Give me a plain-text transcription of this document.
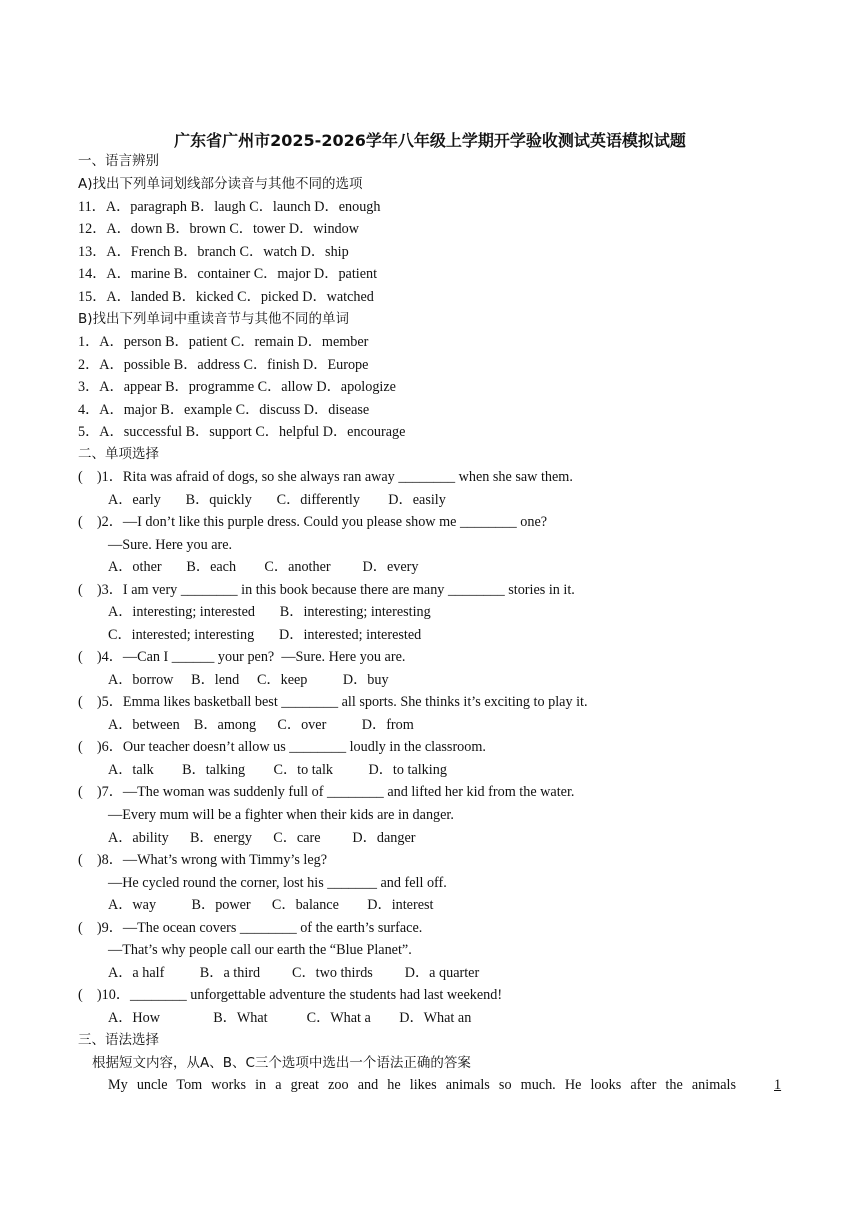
广东省广州市2025-2026学年八年级上学期开学验收测试英语模拟试题
一、语言辨别
A)找出下列单词划线部分读音与其他不同的选项
11．A．paragraph B．laugh C．launch D．enough
12．A．down B．brown C．tower D．window
13．A．French B．branch C．watch D．ship
14．A．marine B．container C．major D．patient
15．A．landed B．kicked C．picked D．watched
B)找出下列单词中重读音节与其他不同的单词
1．A．person B．patient C．remain D．member
2．A．possible B．address C．finish D．Europe
3．A．appear B．programme C．allow D．apologize
4．A．major B．example C．discuss D．disease
5．A．successful B．support C．helpful D．encourage
二、单项选择
(    )1．Rita was afraid of dogs, so she always ran away ________ when she saw them.
A．early       B．quickly       C．differently        D．easily
(    )2．—I don’t like this purple dress. Could you please show me ________ one?
—Sure. Here you are.
A．other       B．each        C．another         D．every
(    )3．I am very ________ in this book because there are many ________ stories in it.
A．interesting; interested       B．interesting; interesting
C．interested; interesting       D．interested; interested
(    )4．—Can I ______ your pen?  —Sure. Here you are.
A．borrow     B．lend     C．keep          D．buy
(    )5．Emma likes basketball best ________ all sports. She thinks it’s exciting to play it.
A．between    B．among      C．over          D．from
(    )6．Our teacher doesn’t allow us ________ loudly in the classroom.
A．talk        B．talking        C．to talk          D．to talking
(    )7．—The woman was suddenly full of ________ and lifted her kid from the water.
—Every mum will be a fighter when their kids are in danger.
A．ability      B．energy      C．care         D．danger
(    )8．—What’s wrong with Timmy’s leg?
—He cycled round the corner, lost his _______ and fell off.
A．way          B．power      C．balance        D．interest
(    )9．—The ocean covers ________ of the earth’s surface.
—That’s why people call our earth the “Blue Planet”.
A．a half          B．a third         C．two thirds         D．a quarter
(    )10．________ unforgettable adventure the students had last weekend!
A．How               B．What           C．What a        D．What an
三、语法选择
根据短文内容，从A、B、C三个选项中选出一个语法正确的答案
My uncle Tom works in a great zoo and he likes animals so much. He looks after the animals	1
